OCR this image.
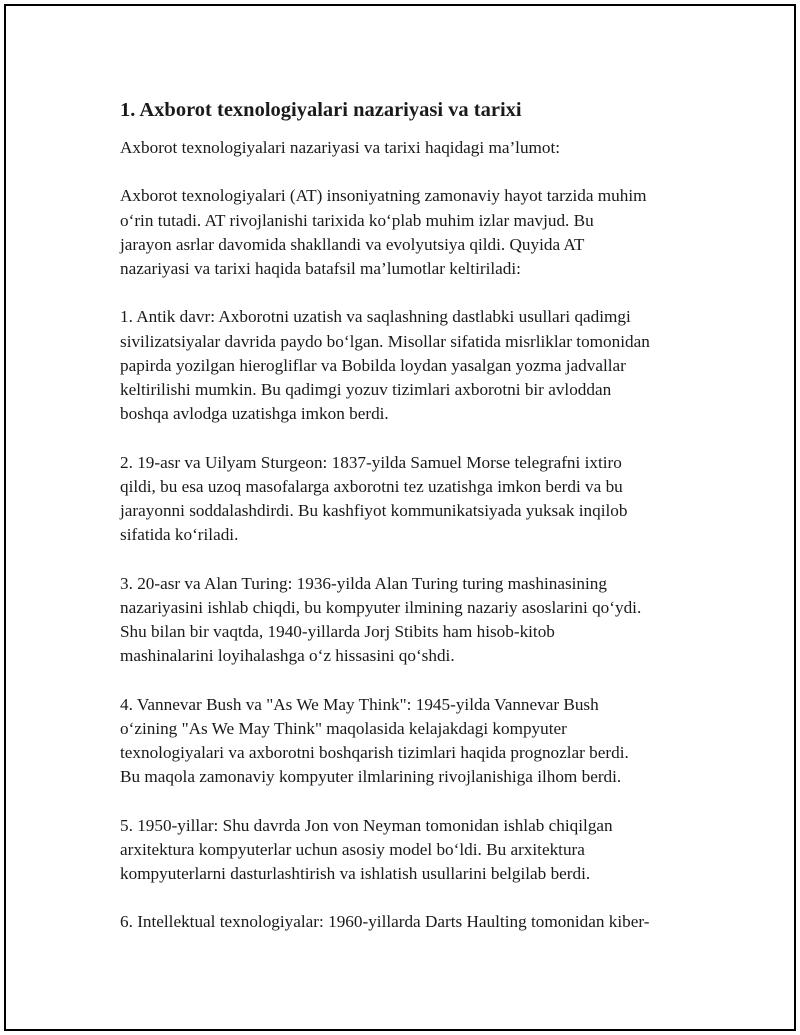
1. Axborot texnologiyalari nazariyasi va tarixi
Axborot texnologiyalari nazariyasi va tarixi haqidagi ma’lumot:
Axborot texnologiyalari (AT) insoniyatning zamonaviy hayot tarzida muhim
o‘rin tutadi. AT rivojlanishi tarixida ko‘plab muhim izlar mavjud. Bu
jarayon asrlar davomida shakllandi va evolyutsiya qildi. Quyida AT
nazariyasi va tarixi haqida batafsil ma’lumotlar keltiriladi:
1. Antik davr: Axborotni uzatish va saqlashning dastlabki usullari qadimgi
sivilizatsiyalar davrida paydo bo‘lgan. Misollar sifatida misrliklar tomonidan
papirda yozilgan hierogliflar va Bobilda loydan yasalgan yozma jadvallar
keltirilishi mumkin. Bu qadimgi yozuv tizimlari axborotni bir avloddan
boshqa avlodga uzatishga imkon berdi.
2. 19-asr va Uilyam Sturgeon: 1837-yilda Samuel Morse telegrafni ixtiro
qildi, bu esa uzoq masofalarga axborotni tez uzatishga imkon berdi va bu
jarayonni soddalashdirdi. Bu kashfiyot kommunikatsiyada yuksak inqilob
sifatida ko‘riladi.
3. 20-asr va Alan Turing: 1936-yilda Alan Turing turing mashinasining
nazariyasini ishlab chiqdi, bu kompyuter ilmining nazariy asoslarini qo‘ydi.
Shu bilan bir vaqtda, 1940-yillarda Jorj Stibits ham hisob-kitob
mashinalarini loyihalashga o‘z hissasini qo‘shdi.
4. Vannevar Bush va "As We May Think": 1945-yilda Vannevar Bush
o‘zining "As We May Think" maqolasida kelajakdagi kompyuter
texnologiyalari va axborotni boshqarish tizimlari haqida prognozlar berdi.
Bu maqola zamonaviy kompyuter ilmlarining rivojlanishiga ilhom berdi.
5. 1950-yillar: Shu davrda Jon von Neyman tomonidan ishlab chiqilgan
arxitektura kompyuterlar uchun asosiy model bo‘ldi. Bu arxitektura
kompyuterlarni dasturlashtirish va ishlatish usullarini belgilab berdi.
6. Intellektual texnologiyalar: 1960-yillarda Darts Haulting tomonidan kiber-
